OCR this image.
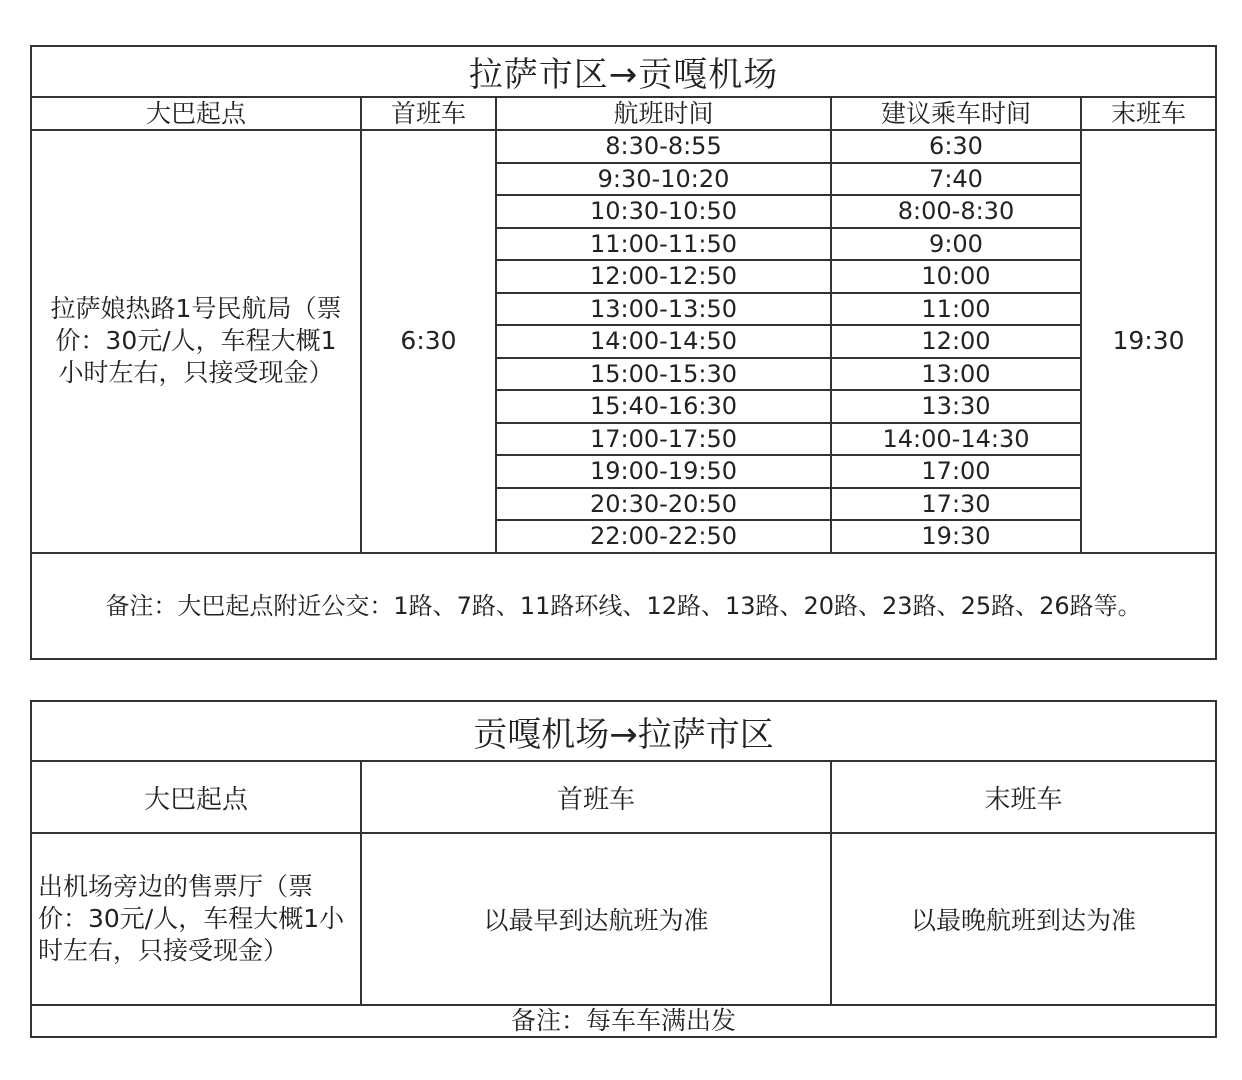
拉萨市区→贡嘎机场				
大巴起点	首班车	航班时间	建议乘车时间	末班车

拉萨娘热路1号民航局（票价：30元/人，车程大概1小时左右，只接受现金）	6:30	8:30-8:55	6:30	19:30
		9:30-10:20	7:40	
		10:30-10:50	8:00-8:30	
		11:00-11:50	9:00	
		12:00-12:50	10:00	
		13:00-13:50	11:00	
		14:00-14:50	12:00	
		15:00-15:30	13:00	
		15:40-16:30	13:30	
		17:00-17:50	14:00-14:30	
		19:00-19:50	17:00	
		20:30-20:50	17:30	
		22:00-22:50	19:30	
备注：大巴起点附近公交：1路、7路、11路环线、12路、13路、20路、23路、25路、26路等。				
贡嘎机场→拉萨市区		
大巴起点	首班车	末班车
出机场旁边的售票厅（票价：30元/人，车程大概1小时左右，只接受现金）	以最早到达航班为准	以最晚航班到达为准
备注：每车车满出发		
